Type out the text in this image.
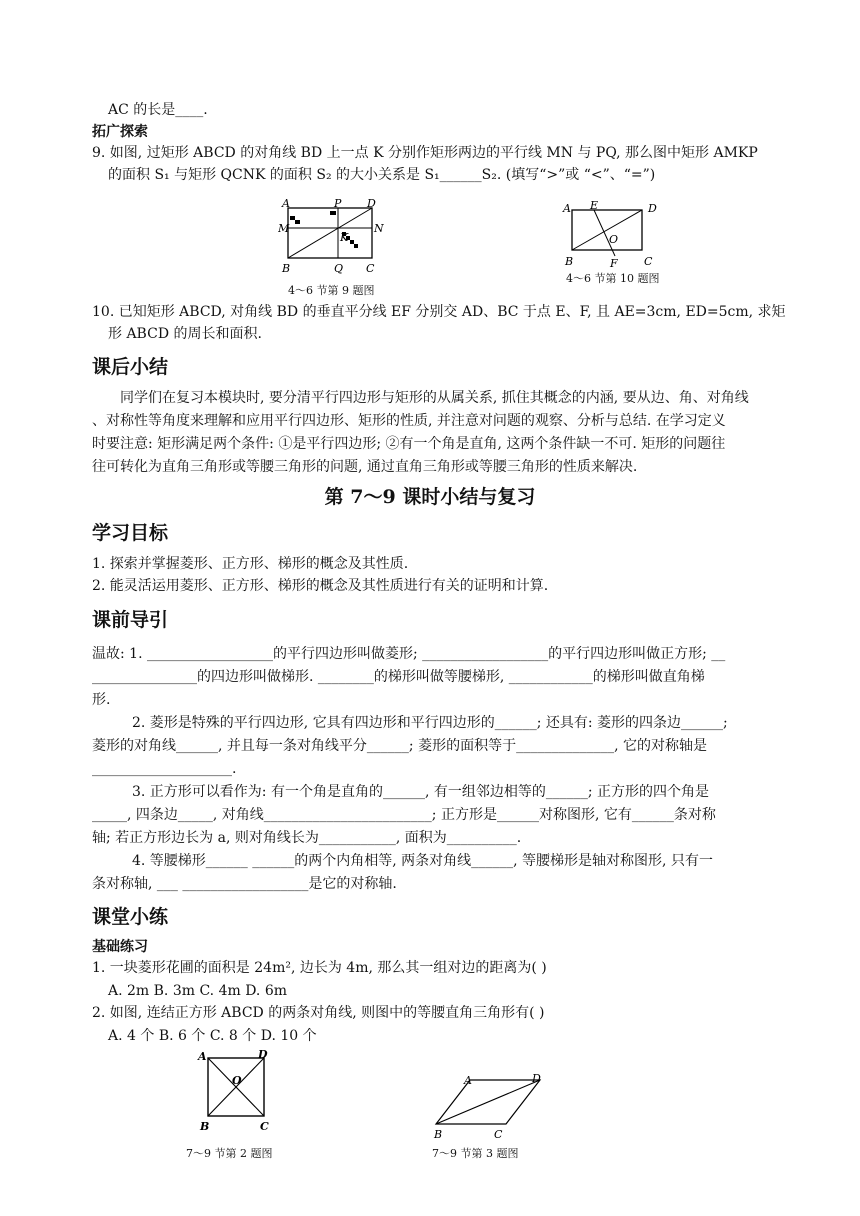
AC 的长是____.
拓广探索
9. 如图, 过矩形 ABCD 的对角线 BD 上一点 K 分别作矩形两边的平行线 MN 与 PQ, 那么图中矩形 AMKP
的面积 S₁ 与矩形 QCNK 的面积 S₂ 的大小关系是 S₁______S₂. (填写“>”或 “<”、“=”)
A	P D
M	N
K
B	Q C
4～6 节第 9 题图
A E	D
O
B	F C
4～6 节第 10 题图
10. 已知矩形 ABCD, 对角线 BD 的垂直平分线 EF 分别交 AD、BC 于点 E、F, 且 AE=3cm, ED=5cm, 求矩
形 ABCD 的周长和面积.
课后小结
同学们在复习本模块时, 要分清平行四边形与矩形的从属关系, 抓住其概念的内涵, 要从边、角、对角线
、对称性等角度来理解和应用平行四边形、矩形的性质, 并注意对问题的观察、分析与总结. 在学习定义
时要注意: 矩形满足两个条件: ①是平行四边形; ②有一个角是直角, 这两个条件缺一不可. 矩形的问题往
往可转化为直角三角形或等腰三角形的问题, 通过直角三角形或等腰三角形的性质来解决.
第 7～9 课时小结与复习
学习目标
1. 探索并掌握菱形、正方形、梯形的概念及其性质.
2. 能灵活运用菱形、正方形、梯形的概念及其性质进行有关的证明和计算.
课前导引
温故: 1. __________________的平行四边形叫做菱形; __________________的平行四边形叫做正方形; __
_______________的四边形叫做梯形. ________的梯形叫做等腰梯形, ____________的梯形叫做直角梯
形.
2. 菱形是特殊的平行四边形, 它具有四边形和平行四边形的______; 还具有: 菱形的四条边______;
菱形的对角线______, 并且每一条对角线平分______; 菱形的面积等于______________, 它的对称轴是
____________________.
3. 正方形可以看作为: 有一个角是直角的______, 有一组邻边相等的______; 正方形的四个角是
_____, 四条边_____, 对角线________________________; 正方形是______对称图形, 它有______条对称
轴; 若正方形边长为 a, 则对角线长为___________, 面积为__________.
4. 等腰梯形______ ______的两个内角相等, 两条对角线______, 等腰梯形是轴对称图形, 只有一
条对称轴, ___ __________________是它的对称轴.
课堂小练
基础练习
1. 一块菱形花圃的面积是 24m², 边长为 4m, 那么其一组对边的距离为( )
A. 2m B. 3m C. 4m D. 6m
2. 如图, 连结正方形 ABCD 的两条对角线, 则图中的等腰直角三角形有( )
A. 4 个 B. 6 个 C. 8 个 D. 10 个
A	D
O
B	C
7～9 节第 2 题图
A	D
B	C
7～9 节第 3 题图
